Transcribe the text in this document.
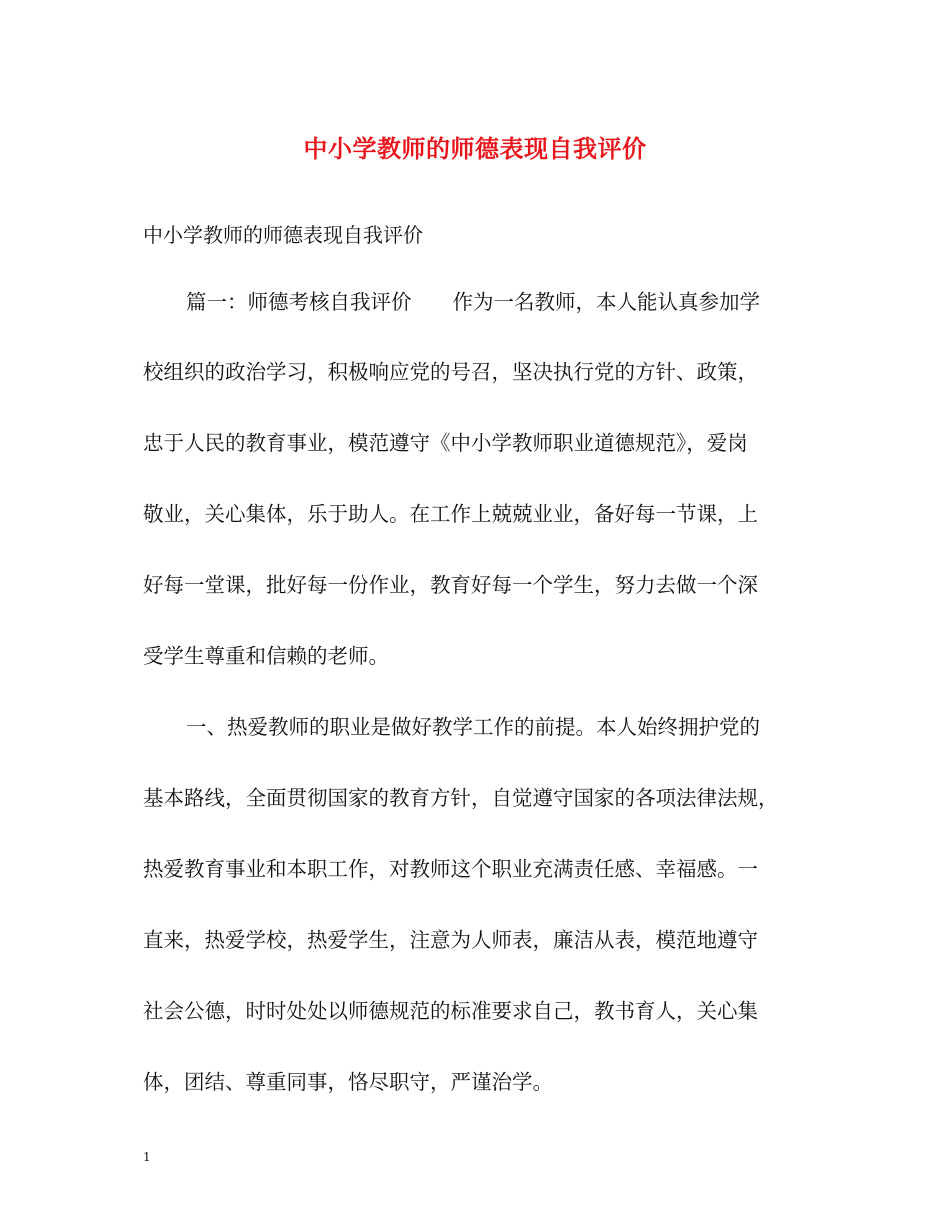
中小学教师的师德表现自我评价
中小学教师的师德表现自我评价
篇一：师德考核自我评价　　作为一名教师，本人能认真参加学
校组织的政治学习，积极响应党的号召，坚决执行党的方针、政策，
忠于人民的教育事业，模范遵守《中小学教师职业道德规范》，爱岗
敬业，关心集体，乐于助人。在工作上兢兢业业，备好每一节课，上
好每一堂课，批好每一份作业，教育好每一个学生，努力去做一个深
受学生尊重和信赖的老师。
一、热爱教师的职业是做好教学工作的前提。本人始终拥护党的
基本路线，全面贯彻国家的教育方针，自觉遵守国家的各项法律法规，
热爱教育事业和本职工作，对教师这个职业充满责任感、幸福感。一
直来，热爱学校，热爱学生，注意为人师表，廉洁从表，模范地遵守
社会公德，时时处处以师德规范的标准要求自己，教书育人，关心集
体，团结、尊重同事，恪尽职守，严谨治学。
1
